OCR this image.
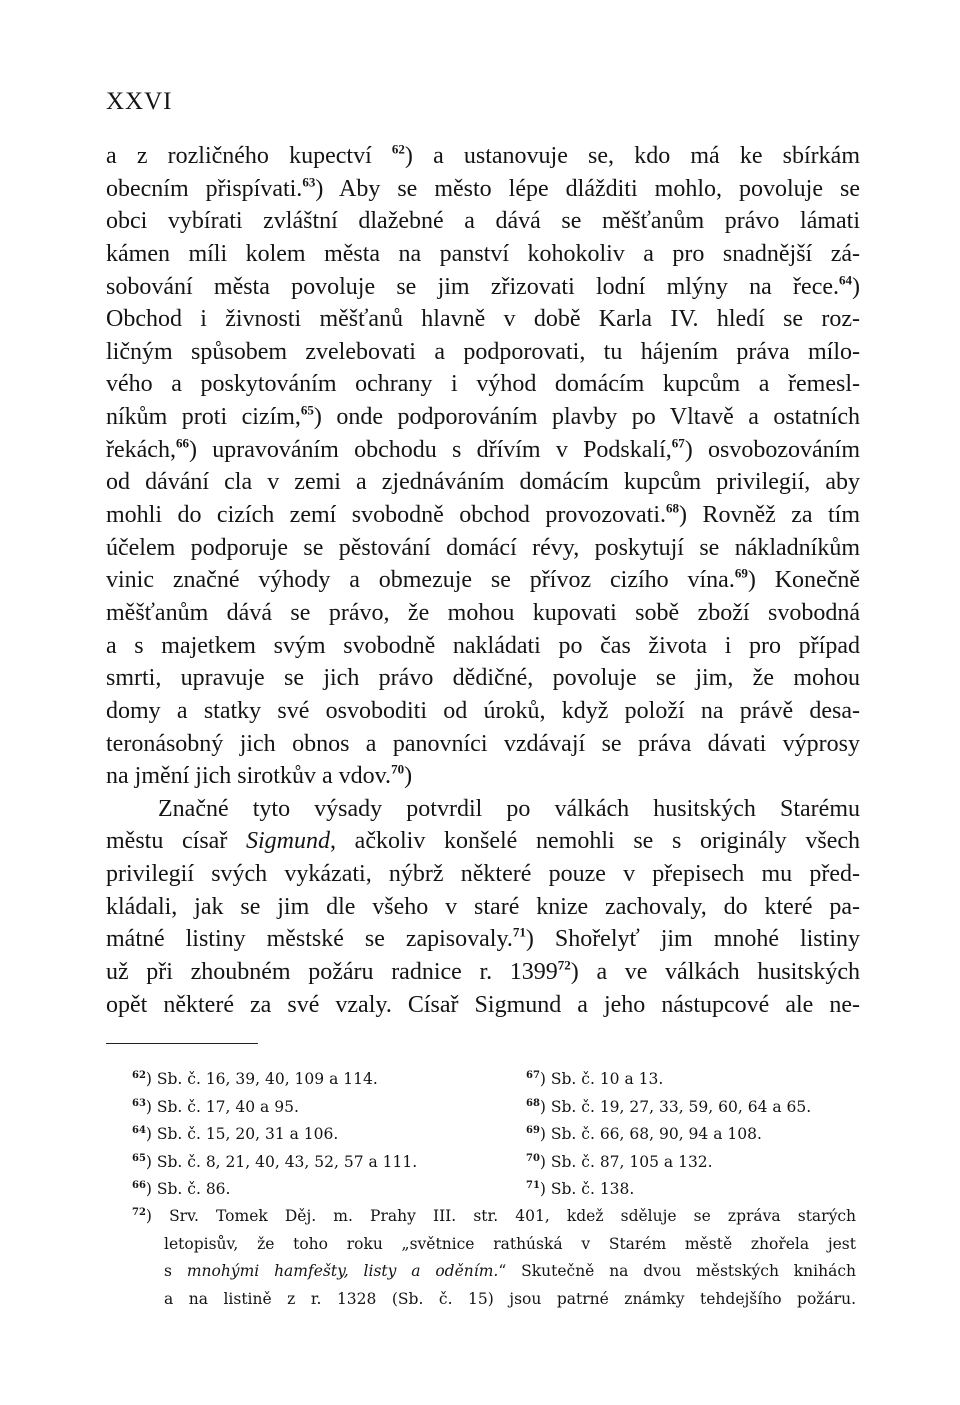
XXVI
a z rozličného kupectví $^{62}$) a ustanovuje se, kdo má ke sbírkám
obecním přispívati.$^{63}$) Aby se město lépe dlážditi mohlo, povoluje se
obci vybírati zvláštní dlažebné a dává se měšťanům právo lámati
kámen míli kolem města na panství kohokoliv a pro snadnější zá-
sobování města povoluje se jim zřizovati lodní mlýny na řece.$^{64}$)
Obchod i živnosti měšťanů hlavně v době Karla IV. hledí se roz-
ličným spůsobem zvelebovati a podporovati, tu hájením práva mílo-
vého a poskytováním ochrany i výhod domácím kupcům a řemesl-
níkům proti cizím,$^{65}$) onde podporováním plavby po Vltavě a ostatních
řekách,$^{66}$) upravováním obchodu s dřívím v Podskalí,$^{67}$) osvobozováním
od dávání cla v zemi a zjednáváním domácím kupcům privilegií, aby
mohli do cizích zemí svobodně obchod provozovati.$^{68}$) Rovněž za tím
účelem podporuje se pěstování domácí révy, poskytují se nákladníkům
vinic značné výhody a obmezuje se přívoz cizího vína.$^{69}$) Konečně
měšťanům dává se právo, že mohou kupovati sobě zboží svobodná
a s majetkem svým svobodně nakládati po čas života i pro případ
smrti, upravuje se jich právo dědičné, povoluje se jim, že mohou
domy a statky své osvoboditi od úroků, když položí na právě desa-
teronásobný jich obnos a panovníci vzdávají se práva dávati výprosy
na jmění jich sirotkův a vdov.$^{70}$)
Značné tyto výsady potvrdil po válkách husitských Starému
městu císař Sigmund, ačkoliv konšelé nemohli se s originály všech
privilegií svých vykázati, nýbrž některé pouze v přepisech mu před-
kládali, jak se jim dle všeho v staré knize zachovaly, do které pa-
mátné listiny městské se zapisovaly.$^{71}$) Shořelyť jim mnohé listiny
už při zhoubném požáru radnice r. 1399$^{72}$) a ve válkách husitských
opět některé za své vzaly. Císař Sigmund a jeho nástupcové ale ne-
$^{62}$) Sb. č. 16, 39, 40, 109 a 114.	$^{67}$) Sb. č. 10 a 13.
$^{63}$) Sb. č. 17, 40 a 95.	$^{68}$) Sb. č. 19, 27, 33, 59, 60, 64 a 65.
$^{64}$) Sb. č. 15, 20, 31 a 106.	$^{69}$) Sb. č. 66, 68, 90, 94 a 108.
$^{65}$) Sb. č. 8, 21, 40, 43, 52, 57 a 111.	$^{70}$) Sb. č. 87, 105 a 132.
$^{66}$) Sb. č. 86.	$^{71}$) Sb. č. 138.
$^{72}$) Srv. Tomek Děj. m. Prahy III. str. 401, kdež sděluje se zpráva starých
letopisův, že toho roku „světnice rathúská v Starém městě zhořela jest
s mnohými hamfešty, listy a oděním.“ Skutečně na dvou městských knihách
a na listině z r. 1328 (Sb. č. 15) jsou patrné známky tehdejšího požáru.
